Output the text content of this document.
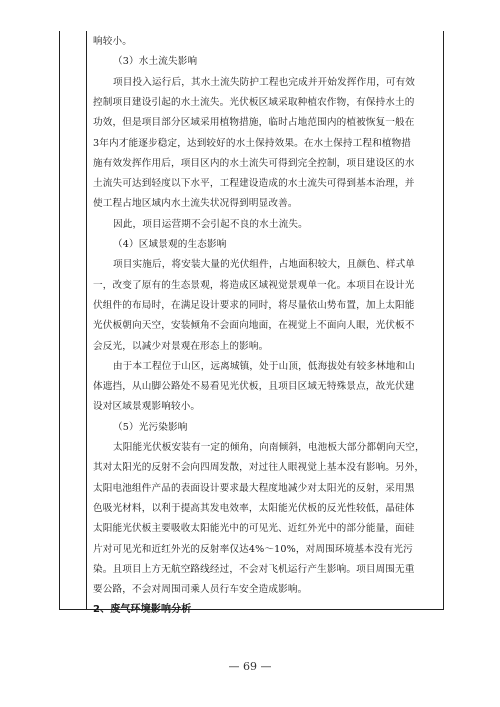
响较小。
（3）水土流失影响
项目投入运行后，其水土流失防护工程也完成并开始发挥作用，可有效
控制项目建设引起的水土流失。光伏板区域采取种植农作物，有保持水土的
功效，但是项目部分区域采用植物措施，临时占地范围内的植被恢复一般在
3年内才能逐步稳定，达到较好的水土保持效果。在水土保持工程和植物措
施有效发挥作用后，项目区内的水土流失可得到完全控制，项目建设区的水
土流失可达到轻度以下水平，工程建设造成的水土流失可得到基本治理，并
使工程占地区域内水土流失状况得到明显改善。
因此，项目运营期不会引起不良的水土流失。
（4）区域景观的生态影响
项目实施后，将安装大量的光伏组件，占地面积较大，且颜色、样式单
一，改变了原有的生态景观，将造成区域视觉景观单一化。本项目在设计光
伏组件的布局时，在满足设计要求的同时，将尽量依山势布置，加上太阳能
光伏板朝向天空，安装倾角不会面向地面，在视觉上不面向人眼，光伏板不
会反光，以减少对景观在形态上的影响。
由于本工程位于山区，远离城镇，处于山顶，低海拔处有较多林地和山
体遮挡，从山脚公路处不易看见光伏板，且项目区域无特殊景点，故光伏建
设对区域景观影响较小。
（5）光污染影响
太阳能光伏板安装有一定的倾角，向南倾斜，电池板大部分都朝向天空，
其对太阳光的反射不会向四周发散，对过往人眼视觉上基本没有影响。另外，
太阳电池组件产品的表面设计要求最大程度地减少对太阳光的反射，采用黑
色吸光材料，以利于提高其发电效率，太阳能光伏板的反光性较低，晶硅体
太阳能光伏板主要吸收太阳能光中的可见光、近红外光中的部分能量，面硅
片对可见光和近红外光的反射率仅达4%～10%，对周围环境基本没有光污
染。且项目上方无航空路线经过，不会对飞机运行产生影响。项目周围无重
要公路，不会对周围司乘人员行车安全造成影响。
2、废气环境影响分析
— 69 —
